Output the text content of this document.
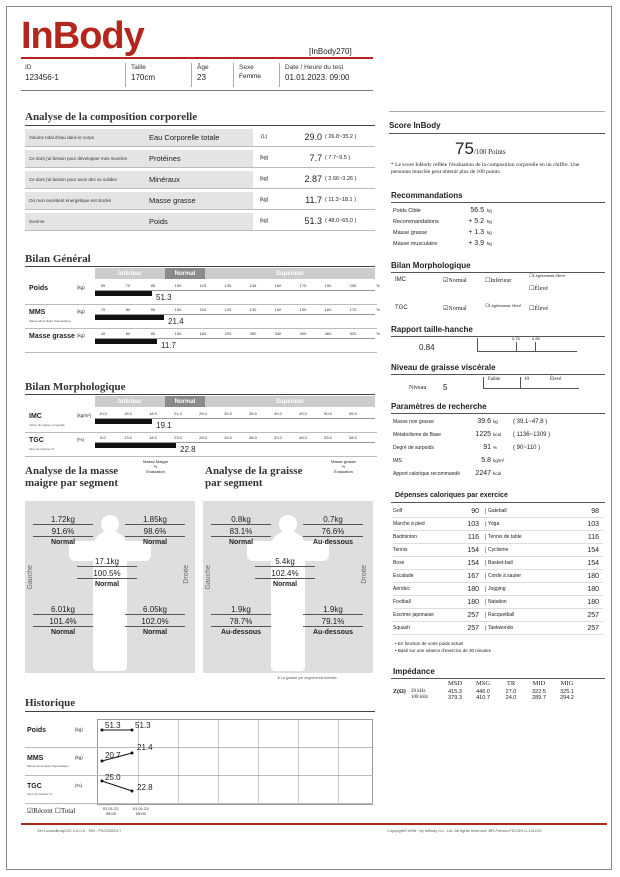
InBody	[InBody270]
ID
123456-1
Taille
170cm
Âge
23
Sexe
Femme
Date / Heure du test
01.01.2023. 09:00
Analyse de la composition corporelle
Bilan Général
Inférieur	Normal	Supérieur
Bilan Morphologique
Inférieur	Normal	Supérieur
Analyse de la masse
maigre par segment
Masse Maigre
%
Évaluation
1.72kg
91.6%
Normal
1.85kg
98.6%
Normal
17.1kg
100.5%
Normal
6.01kg
101.4%
Normal
6.05kg
102.0%
Normal
Gauche	Droite
Analyse de la graisse
par segment
Masse grasse
%
Évaluation
0.8kg
83.1%
Normal
0.7kg
76.6%
Au-dessous
5.4kg
102.4%
Normal
1.9kg
78.7%
Au-dessous
1.9kg
79.1%
Au-dessous
Gauche	Droite
★ La graisse par segment est estimée.
Historique
☑Récent ☐Total	01.01.22
09:00
01.01.23
09:00
Score InBody
75 /100 Points
* Le score InBody reflète l'évaluation de la composition corporelle en un chiffre. Une personne musclée peut obtenir plus de 100 points.
Recommandations
Poids Cible	56.5 kg
Recommandations	+ 5.2 kg
Masse grasse	+ 1.3 kg
Masse musculaire	+ 3.9 kg
Bilan Morphologique
IMC	☑Normal	☐Inférieur
☐Légèrement élevé
☐Élevé
TGC	☑Normal
☐Légèrement élevé
☐Élevé
Rapport taille-hanche
0.84
0.75	0.85
Niveau de graisse viscérale
Niveau 5
Faible	10	Élevé
Paramètres de recherche
Masse non grasse	39.6 kg	( 39.1~47.8 )
Métabolisme de Base	1225 kcal	( 1136~1309 )
Degré de surpoids	91 %	( 90~110 )
IMS	5.8 kg/m²
Apport calorique recommandé	2247 kcal
Dépenses caloriques par exercice
Golf	90	Gateball	98
Marche à pied	103	Yoga	103
Badminton	116	Tennis de table	116
Tennis	154	Cyclisme	154
Boxe	154	Basket-ball	154
Escalade	167	Corde à sauter	180
Aérobic	180	Jogging	180
Football	180	Natation	180
Escrime japonaise	257	Racquetball	257
Squash	257	Taekwondo	257
• En fonction de votre poids actuel
• Basé sur une séance d'exercice de 30 minutes
Impédance
MSD	MSG	TR	MID	MIG
Z(Ω)	20 kHz	415.3	446.0	27.0	322.5	325.1
100 kHz	379.3	410.7	24.0	289.7	294.2
Ver.LookinBody120 4.0.0.6 - S/N : P02200001T	Copyright©1996~ by InBody Co., Ltd. All rights reserved. BR-French-FDOSH-0-191210
Volume total d'eau dans le corps	Eau Corporelle totale	(L)	29.0 ( 26.8~35.2 )
Ce dont j'ai besoin pour développer mes muscles	Protéines	(kg)	7.7 ( 7.7~9.5 )
Ce dont j'ai besoin pour avoir des os solides	Minéraux	(kg)	2.87 ( 2.66~3.26 )
Où mon excédent énergétique est stocké	Masse grasse	(kg)	11.7 ( 11.3~18.1 )
Somme	Poids	(kg)	51.3 ( 48.0~65.0 )
Poids	(kg)	55	70	85	100	115	130	145	160	175	190	205	%
51.3
MMS
Masse Musculaire Squelettique
(kg)	70	80	90	100	110	120	130	140	150	160	170	%
21.4
Masse grasse (kg)	40	60	80	100	160	220	280	340	400	460	520	%
11.7
IMC
Indice de masse corporelle
(kg/m²) 10.0	15.0	18.5	21.0	25.0	30.0	35.0	40.0	45.0	50.0	55.0
19.1
TGC
Taux de Graisse %
(%)	8.0	13.0	18.0	23.0	28.0	33.0	38.0	43.0	48.0	53.0	58.0
22.8
Poids	(kg)
MMS
Masse Musculaire Squelettique
(kg)
TGC
Taux de Graisse %
(%)
51.3 51.3
20.7
21.4
25.0
22.8
